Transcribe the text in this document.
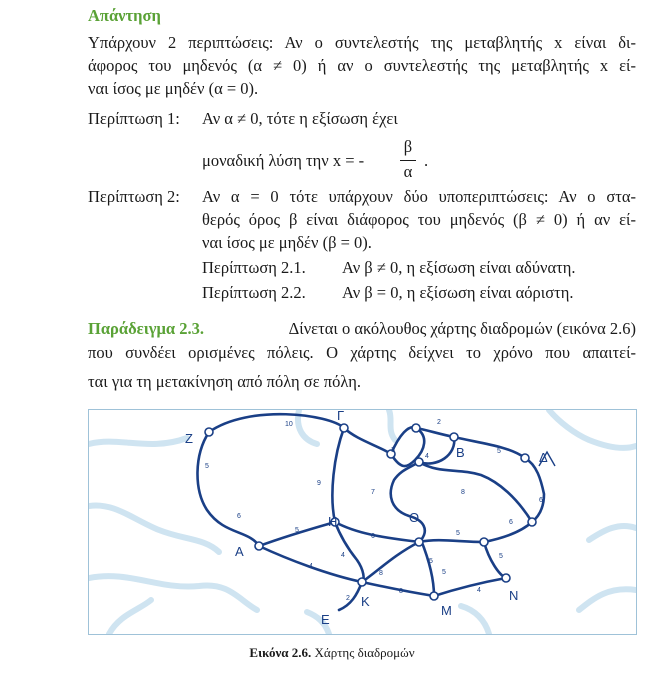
Απάντηση
Υπάρχουν 2 περιπτώσεις: Αν ο συντελεστής της μεταβλητής x είναι δι-
άφορος του μηδενός (α ≠ 0) ή αν ο συντελεστής της μεταβλητής x εί-
ναι ίσος με μηδέν (α = 0).
Περίπτωση 1: Αν α ≠ 0, τότε η εξίσωση έχει
μοναδική λύση την x = -
β
α
.
Περίπτωση 2: Αν α = 0 τότε υπάρχουν δύο υποπεριπτώσεις: Αν ο στα-
θερός όρος β είναι διάφορος του μηδενός (β ≠ 0) ή αν εί-
ναι ίσος με μηδέν (β = 0).
Περίπτωση 2.1. Αν β ≠ 0, η εξίσωση είναι αδύνατη.
Περίπτωση 2.2. Αν β = 0, η εξίσωση είναι αόριστη.
Παράδειγμα 2.3.	Δίνεται ο ακόλουθος χάρτης διαδρομών (εικόνα 2.6)
που συνδέει ορισμένες πόλεις. Ο χάρτης δείχνει το χρόνο που απαιτεί-
ται για τη μετακίνηση από πόλη σε πόλη.
Ζ
Γ
Β	Δ
Θ
Η
Α
Ε
Κ
Μ
Ν
10	2
5
3
4
9
7	8
6
6
5
6	5
6
4
5
4
5
8
8
2
5
4
5
Εικόνα 2.6. Χάρτης διαδρομών
